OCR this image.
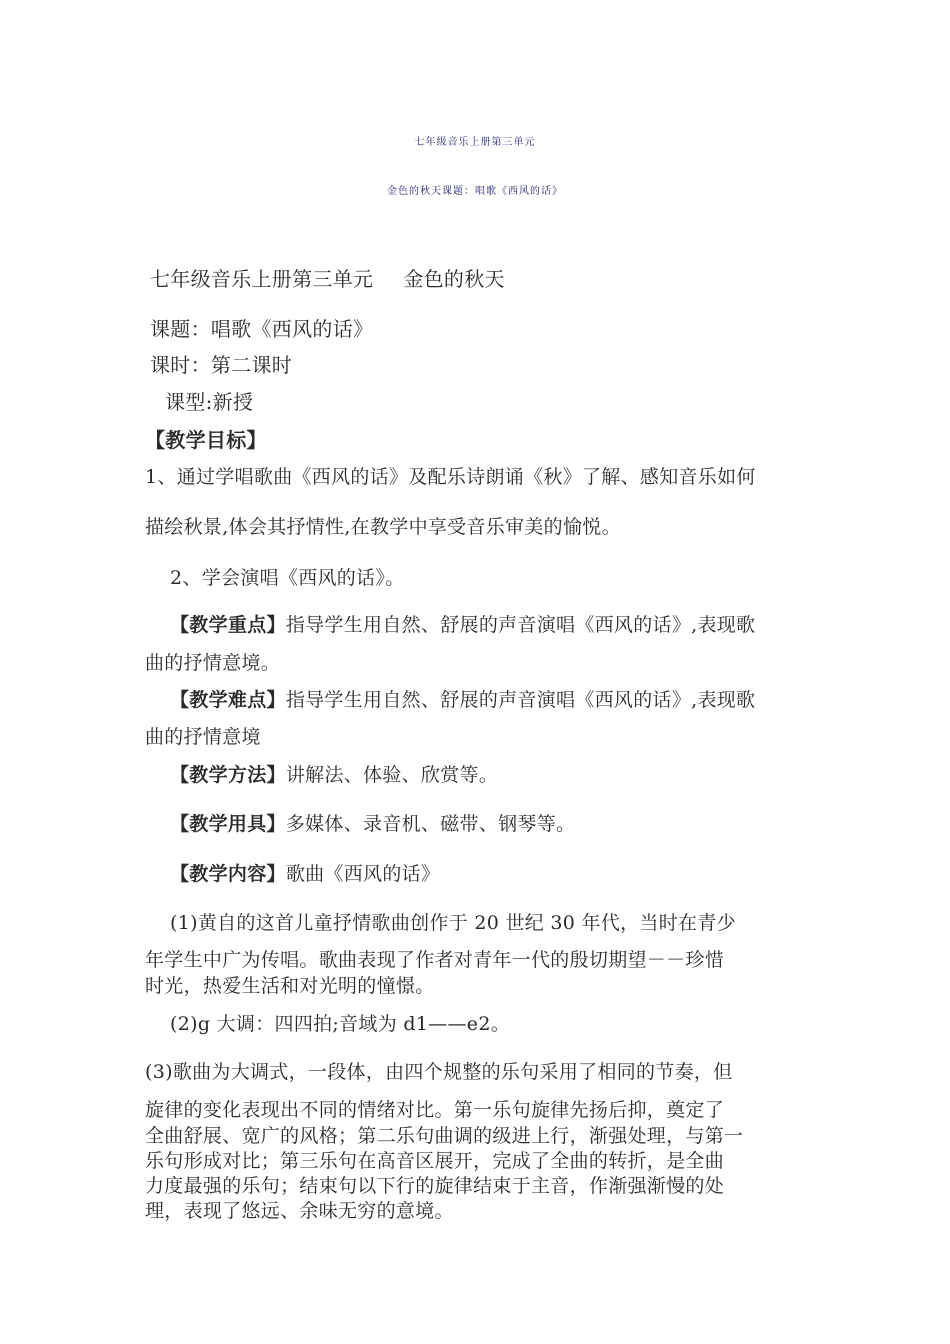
七年级音乐上册第三单元
金色的秋天课题：唱歌《西风的话》
七年级音乐上册第三单元 金色的秋天
课题：唱歌《西风的话》
课时：第二课时
课型:新授
【教学目标】
1、通过学唱歌曲《西风的话》及配乐诗朗诵《秋》了解、感知音乐如何
描绘秋景,体会其抒情性,在教学中享受音乐审美的愉悦。
2、学会演唱《西风的话》。
【教学重点】指导学生用自然、舒展的声音演唱《西风的话》,表现歌
曲的抒情意境。
【教学难点】指导学生用自然、舒展的声音演唱《西风的话》,表现歌
曲的抒情意境
【教学方法】讲解法、体验、欣赏等。
【教学用具】多媒体、录音机、磁带、钢琴等。
【教学内容】歌曲《西风的话》
(1)黄自的这首儿童抒情歌曲创作于 20 世纪 30 年代，当时在青少
年学生中广为传唱。歌曲表现了作者对青年一代的殷切期望－－珍惜
时光，热爱生活和对光明的憧憬。
(2)g 大调：四四拍;音域为 d1——e2。
(3)歌曲为大调式，一段体，由四个规整的乐句采用了相同的节奏，但
旋律的变化表现出不同的情绪对比。第一乐句旋律先扬后抑，奠定了
全曲舒展、宽广的风格；第二乐句曲调的级进上行，渐强处理，与第一
乐句形成对比；第三乐句在高音区展开，完成了全曲的转折，是全曲
力度最强的乐句；结束句以下行的旋律结束于主音，作渐强渐慢的处
理，表现了悠远、余味无穷的意境。
